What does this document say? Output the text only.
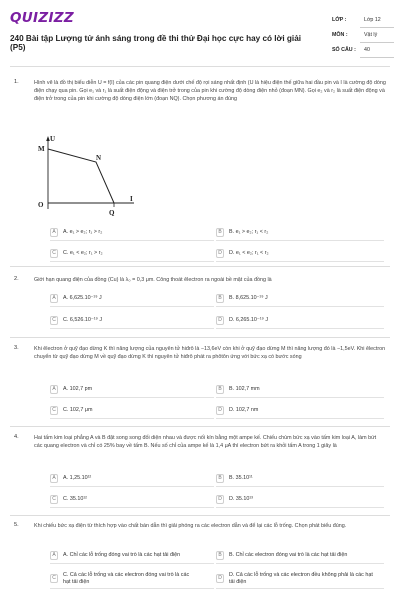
QUIZIZZ
240 Bài tập Lượng tử ánh sáng trong đề thi thử Đại học cực hay có lời giải (P5)
LỚP :	Lớp 12
MÔN :	Vật lý
SỐ CÂU : 40
1.	Hình vẽ là đồ thị biểu diễn U = f(I) của các pin quang điện dưới chế độ rọi sáng nhất định (U là hiệu điện thế giữa hai đầu pin và I là cường độ dòng điện chạy qua pin. Gọi e₁ và r₁ là suất điện động và điện trở trong của pin khi cường độ dòng điện nhỏ (đoạn MN). Gọi e₂ và r₂ là suất điện động và điện trở trong của pin khi cường độ dòng điện lớn (đoạn NQ). Chọn phương án đúng
U
M
N
O
Q
I
A	A. e₁ > e₂; r₁ > r₂	B	B. e₁ > e₂; r₁ < r₂
C	C. e₁ < e₂; r₁ > r₂	D	D. e₁ < e₂; r₁ < r₂
2.	Giới hạn quang điện của đồng (Cu) là λ₀ = 0,3 μm. Công thoát êlectron ra ngoài bề mặt của đồng là
A	A. 6,625.10⁻¹⁹ J	B	B. 8,625.10⁻¹⁹ J
C	C. 6,526.10⁻¹⁹ J	D	D. 6,265.10⁻¹⁹ J
3.	Khi êlectron ở quỹ đạo dừng K thì năng lượng của nguyên tử hiđrô là −13,6eV còn khi ở quỹ đạo dừng M thì năng lượng đó là −1,5eV. Khi êlectron chuyển từ quỹ đạo dừng M về quỹ đạo dừng K thì nguyên tử hiđrô phát ra phôtôn ứng với bức xạ có bước sóng
A	A. 102,7 pm	B	B. 102,7 mm
C	C. 102,7 μm	D	D. 102,7 nm
4.	Hai tấm kim loại phẳng A và B đặt song song đối diện nhau và được nối kín bằng một ampe kế. Chiếu chùm bức xạ vào tấm kim loại A, làm bứt các quang electron và chỉ có 25% bay về tấm B. Nếu số chỉ của ampe kế là 1,4 μA thì electron bứt ra khỏi tấm A trong 1 giây là
A	A. 1,25.10¹²	B	B. 35.10¹¹
C	C. 35.10¹²	D	D. 35.10¹³
5.	Khi chiếu bức xạ điện từ thích hợp vào chất bán dẫn thì giải phóng ra các electron dẫn và để lại các lỗ trống. Chọn phát biểu đúng.
A	A. Chỉ các lỗ trống đóng vai trò là các hạt tải điện	B	B. Chỉ các electron đóng vai trò là các hạt tải điện
C	C. Cả các lỗ trống và các electron đóng vai trò là các hạt tải điện
D	D. Cả các lỗ trống và các electron đều không phải là các hạt tải điện
